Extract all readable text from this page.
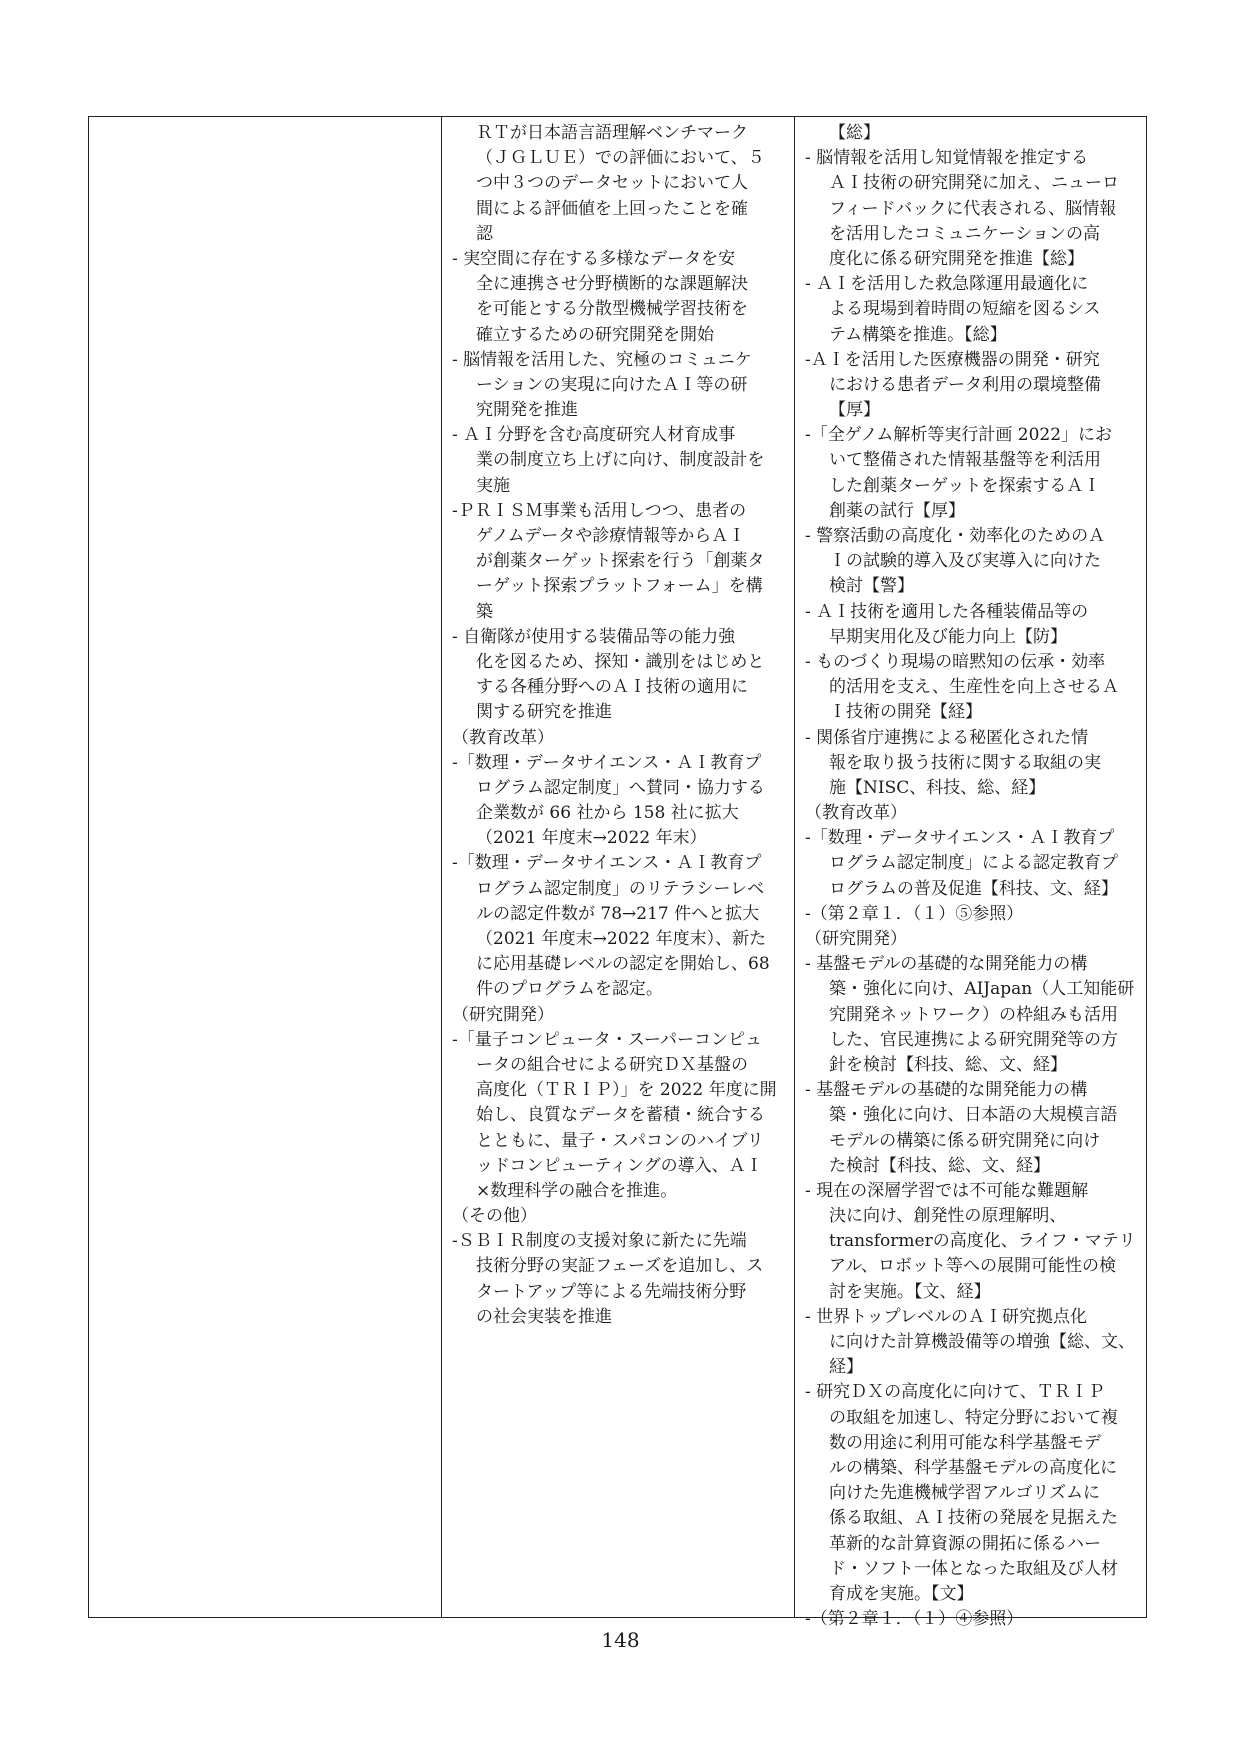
ＲＴが日本語言語理解ベンチマーク
（ＪＧＬＵＥ）での評価において、５
つ中３つのデータセットにおいて人
間による評価値を上回ったことを確
認
- 実空間に存在する多様なデータを安
全に連携させ分野横断的な課題解決
を可能とする分散型機械学習技術を
確立するための研究開発を開始
- 脳情報を活用した、究極のコミュニケ
ーションの実現に向けたＡＩ等の研
究開発を推進
- ＡＩ分野を含む高度研究人材育成事
業の制度立ち上げに向け、制度設計を
実施
-ＰＲＩＳＭ事業も活用しつつ、患者の
ゲノムデータや診療情報等からＡＩ
が創薬ターゲット探索を行う「創薬タ
ーゲット探索プラットフォーム」を構
築
- 自衛隊が使用する装備品等の能力強
化を図るため、探知・識別をはじめと
する各種分野へのＡＩ技術の適用に
関する研究を推進
（教育改革）
-「数理・データサイエンス・ＡＩ教育プ
ログラム認定制度」へ賛同・協力する
企業数が 66 社から 158 社に拡大
（2021 年度末→2022 年末）
-「数理・データサイエンス・ＡＩ教育プ
ログラム認定制度」のリテラシーレベ
ルの認定件数が 78→217 件へと拡大
（2021 年度末→2022 年度末）、新た
に応用基礎レベルの認定を開始し、68
件のプログラムを認定。
（研究開発）
-「量子コンピュータ・スーパーコンピュ
ータの組合せによる研究ＤＸ基盤の
高度化（ＴＲＩＰ）」を 2022 年度に開
始し、良質なデータを蓄積・統合する
とともに、量子・スパコンのハイブリ
ッドコンピューティングの導入、ＡＩ
×数理科学の融合を推進。
（その他）
-ＳＢＩＲ制度の支援対象に新たに先端
技術分野の実証フェーズを追加し、ス
タートアップ等による先端技術分野
の社会実装を推進
【総】
- 脳情報を活用し知覚情報を推定する
ＡＩ技術の研究開発に加え、ニューロ
フィードバックに代表される、脳情報
を活用したコミュニケーションの高
度化に係る研究開発を推進【総】
- ＡＩを活用した救急隊運用最適化に
よる現場到着時間の短縮を図るシス
テム構築を推進。【総】
-ＡＩを活用した医療機器の開発・研究
における患者データ利用の環境整備
【厚】
-「全ゲノム解析等実行計画 2022」にお
いて整備された情報基盤等を利活用
した創薬ターゲットを探索するＡＩ
創薬の試行【厚】
- 警察活動の高度化・効率化のためのＡ
Ｉの試験的導入及び実導入に向けた
検討【警】
- ＡＩ技術を適用した各種装備品等の
早期実用化及び能力向上【防】
- ものづくり現場の暗黙知の伝承・効率
的活用を支え、生産性を向上させるＡ
Ｉ技術の開発【経】
- 関係省庁連携による秘匿化された情
報を取り扱う技術に関する取組の実
施【NISC、科技、総、経】
（教育改革）
-「数理・データサイエンス・ＡＩ教育プ
ログラム認定制度」による認定教育プ
ログラムの普及促進【科技、文、経】
-（第２章１．（１）⑤参照）
（研究開発）
- 基盤モデルの基礎的な開発能力の構
築・強化に向け、AIJapan（人工知能研
究開発ネットワーク）の枠組みも活用
した、官民連携による研究開発等の方
針を検討【科技、総、文、経】
- 基盤モデルの基礎的な開発能力の構
築・強化に向け、日本語の大規模言語
モデルの構築に係る研究開発に向け
た検討【科技、総、文、経】
- 現在の深層学習では不可能な難題解
決に向け、創発性の原理解明、
transformerの高度化、ライフ・マテリ
アル、ロボット等への展開可能性の検
討を実施。【文、経】
- 世界トップレベルのＡＩ研究拠点化
に向けた計算機設備等の増強【総、文、
経】
- 研究ＤＸの高度化に向けて、ＴＲＩＰ
の取組を加速し、特定分野において複
数の用途に利用可能な科学基盤モデ
ルの構築、科学基盤モデルの高度化に
向けた先進機械学習アルゴリズムに
係る取組、ＡＩ技術の発展を見据えた
革新的な計算資源の開拓に係るハー
ド・ソフト一体となった取組及び人材
育成を実施。【文】
-（第２章１．（１）④参照）
148
